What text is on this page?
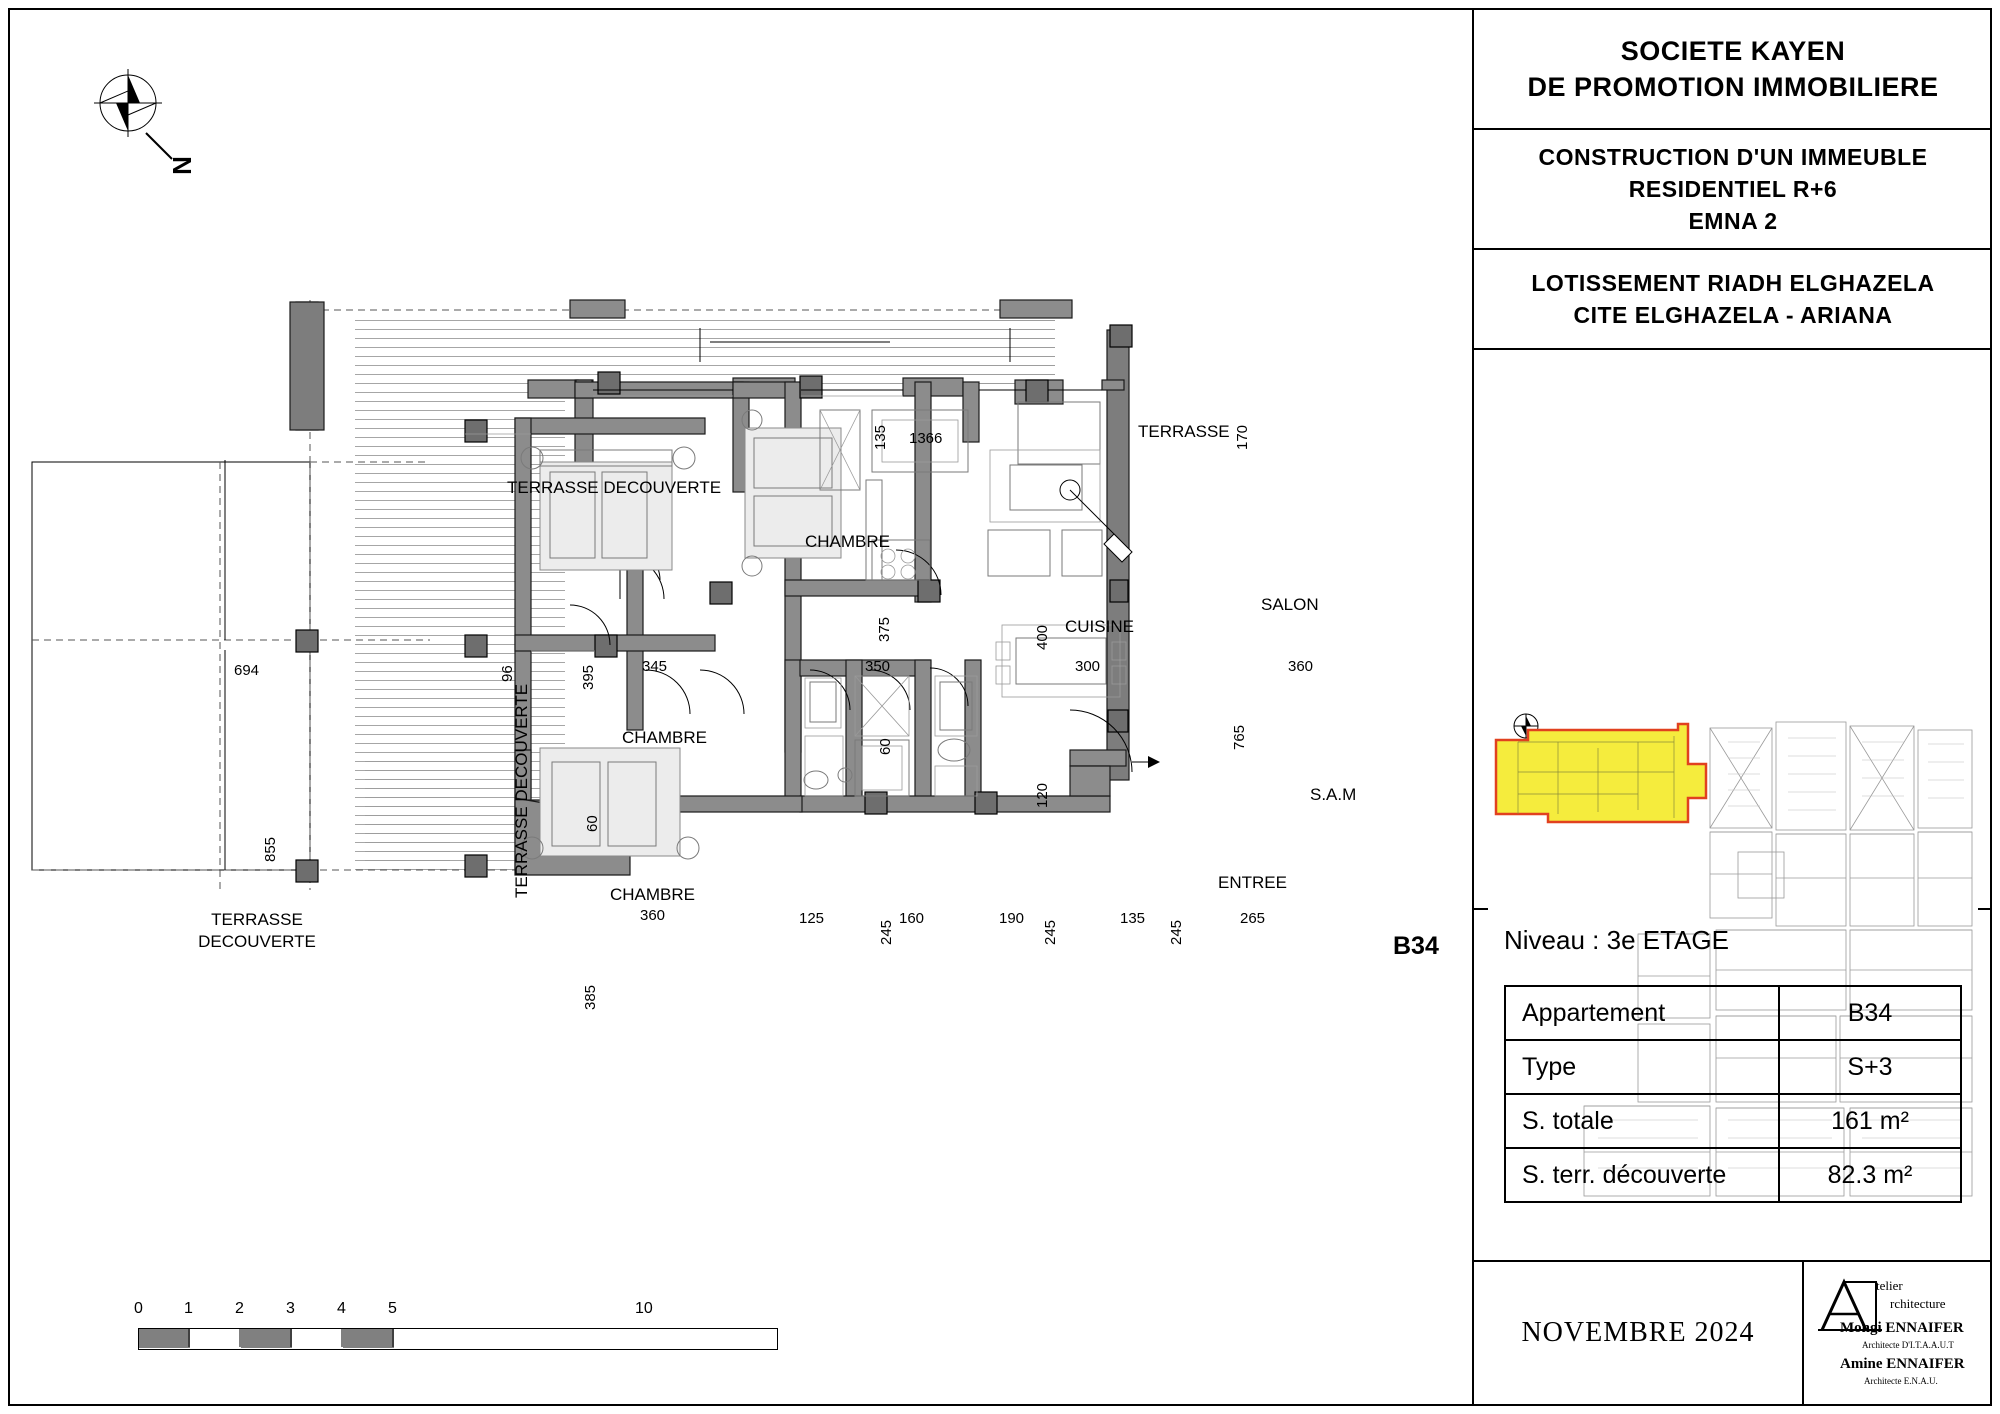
N
TERRASSE DECOUVERTE
TERRASSE
TERRASSE
DECOUVERTE
TERRASSE DECOUVERTE
CHAMBRE
CHAMBRE
CHAMBRE
CUISINE
SALON
S.A.M
ENTREE
B34
135 1366	170
694	96
855
395	345
375
350
400
300	360
765
60
60
120
385
360	125
245
160	190
245
135
245
265
0	1	2	3	4	5	10
SOCIETE KAYEN
DE PROMOTION IMMOBILIERE
CONSTRUCTION D'UN IMMEUBLE
RESIDENTIEL R+6
EMNA 2
LOTISSEMENT RIADH ELGHAZELA
CITE ELGHAZELA - ARIANA
Niveau : 3e ETAGE
Appartement	B34
Type	S+3
S. totale	161 m²
S. terr. découverte	82.3 m²
NOVEMBRE 2024
telier
rchitecture
Mongi ENNAIFER
Architecte D'I.T.A.A.U.T
Amine ENNAIFER
Architecte E.N.A.U.
